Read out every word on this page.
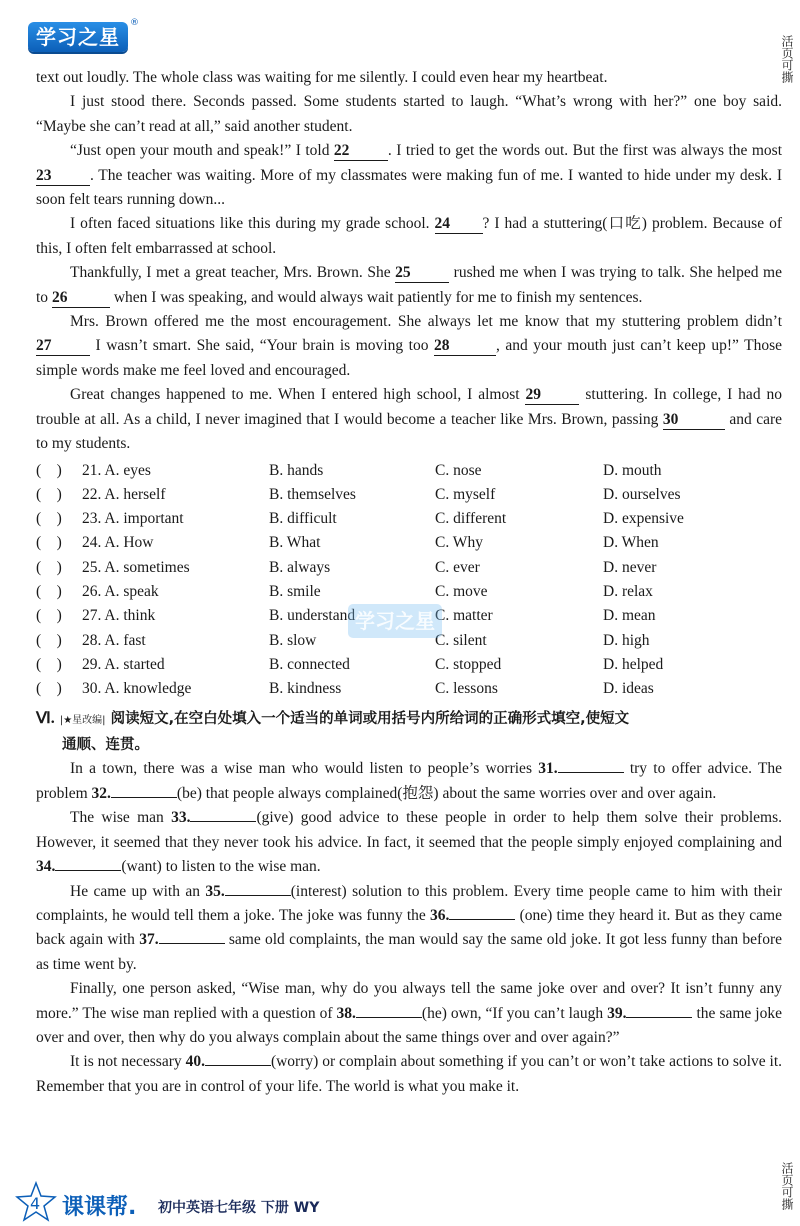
学习之星
®
活页可撕

text out loudly. The whole class was waiting for me silently. I could even hear my heartbeat.

I just stood there. Seconds passed. Some students started to laugh. “What’s wrong with her?” one boy said. “Maybe she can’t read at all,” said another student.

“Just open your mouth and speak!” I told 22 . I tried to get the words out. But the first was always the most 23 . The teacher was waiting. More of my classmates were making fun of me. I wanted to hide under my desk. I soon felt tears running down...

I often faced situations like this during my grade school. 24 ? I had a stuttering(口吃) problem. Because of this, I often felt embarrassed at school.

Thankfully, I met a great teacher, Mrs. Brown. She 25 rushed me when I was trying to talk. She helped me to 26	when I was speaking, and would always wait patiently for me to finish my sentences.

Mrs. Brown offered me the most encouragement. She always let me know that my stuttering problem didn’t 27 I wasn’t smart. She said, “Your brain is moving too 28	, and your mouth just can’t keep up!” Those simple words make me feel loved and encouraged.

Great changes happened to me. When I entered high school, I almost 29 stuttering. In college, I had no trouble at all. As a child, I never imagined that I would become a teacher like Mrs. Brown, passing 30	and care to my students.

(　) 21. A. eyes	B. hands	C. nose	D. mouth
(　) 22. A. herself	B. themselves	C. myself	D. ourselves
(　) 23. A. important	B. difficult	C. different	D. expensive
(　) 24. A. How	B. What	C. Why	D. When
(　) 25. A. sometimes	B. always	C. ever	D. never
(　) 26. A. speak	B. smile	C. move	D. relax
(　) 27. A. think	B. understand	C. matter	D. mean
(　) 28. A. fast	B. slow	C. silent	D. high
(　) 29. A. started	B. connected	C. stopped	D. helped
(　) 30. A. knowledge	B. kindness	C. lessons	D. ideas
Ⅵ. |★星改编| 阅读短文,在空白处填入一个适当的单词或用括号内所给词的正确形式填空,使短文
通顺、连贯。

In a town, there was a wise man who would listen to people’s worries 31.	try to offer advice. The problem 32.	(be) that people always complained(抱怨) about the same worries over and over again.

The wise man 33.	(give) good advice to these people in order to help them solve their problems. However, it seemed that they never took his advice. In fact, it seemed that the people simply enjoyed complaining and 34.	(want) to listen to the wise man.

He came up with an 35.	(interest) solution to this problem. Every time people came to him with their complaints, he would tell them a joke. The joke was funny the 36.	(one) time they heard it. But as they came back again with 37.	same old complaints, the man would say the same old joke. It got less funny than before as time went by.

Finally, one person asked, “Wise man, why do you always tell the same joke over and over? It isn’t funny any more.” The wise man replied with a question of 38.	(he) own, “If you can’t laugh 39.	the same joke over and over, then why do you always complain about the same things over and over again?”

It is not necessary 40.	(worry) or complain about something if you can’t or won’t take actions to solve it. Remember that you are in control of your life. The world is what you make it.

学习之星
4 课课帮. 初中英语七年级 下册 WY	活页可撕
